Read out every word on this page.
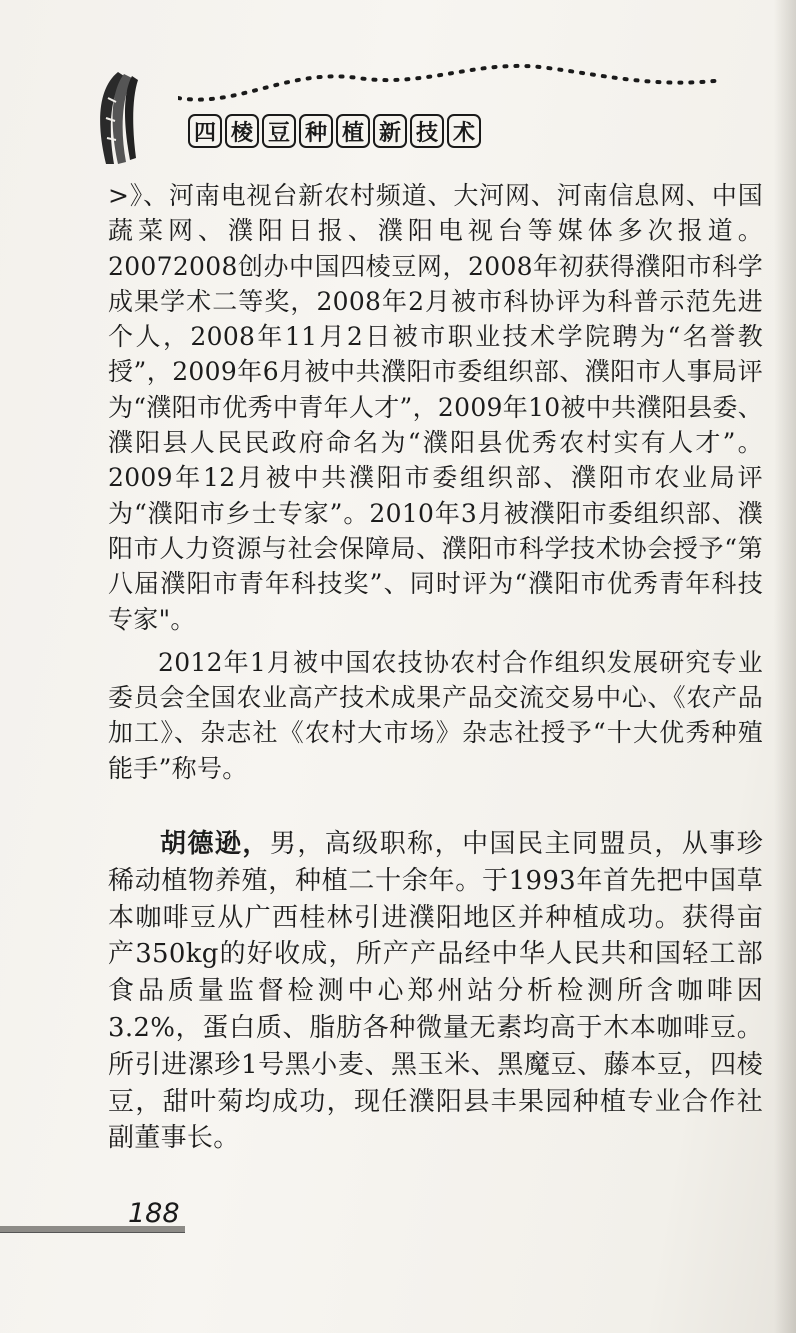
四 棱 豆 种 植 新 技 术

>》、河南电视台新农村频道、大河网、河南信息网、中国蔬菜网、濮阳日报、濮阳电视台等媒体多次报道。20072008创办中国四棱豆网，2008年初获得濮阳市科学成果学术二等奖，2008年2月被市科协评为科普示范先进个人，2008年11月2日被市职业技术学院聘为“名誉教授”，2009年6月被中共濮阳市委组织部、濮阳市人事局评为“濮阳市优秀中青年人才”，2009年10被中共濮阳县委、濮阳县人民民政府命名为“濮阳县优秀农村实有人才”。2009年12月被中共濮阳市委组织部、濮阳市农业局评为“濮阳市乡士专家”。2010年3月被濮阳市委组织部、濮阳市人力资源与社会保障局、濮阳市科学技术协会授予“第八届濮阳市青年科技奖”、同时评为“濮阳市优秀青年科技专家"。

2012年1月被中国农技协农村合作组织发展研究专业委员会全国农业高产技术成果产品交流交易中心、《农产品加工》、杂志社《农村大市场》杂志社授予“十大优秀种殖能手”称号。

胡德逊，男，高级职称，中国民主同盟员，从事珍稀动植物养殖，种植二十余年。于1993年首先把中国草本咖啡豆从广西桂林引进濮阳地区并种植成功。获得亩产350kg的好收成，所产产品经中华人民共和国轻工部食品质量监督检测中心郑州站分析检测所含咖啡因3.2%，蛋白质、脂肪各种微量无素均高于木本咖啡豆。所引进漯珍1号黑小麦、黑玉米、黑魔豆、藤本豆，四棱豆，甜叶菊均成功，现任濮阳县丰果园种植专业合作社副董事长。

188
